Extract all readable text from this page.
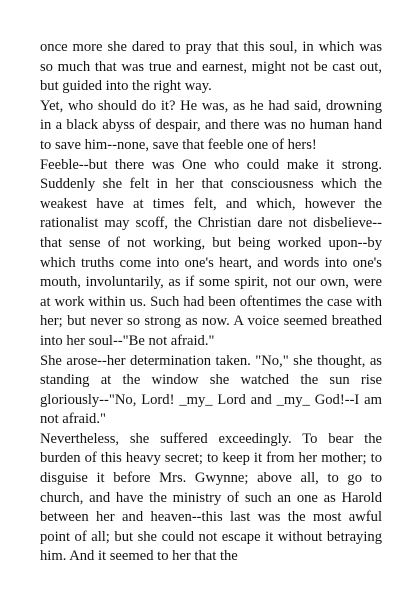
once more she dared to pray that this soul, in which was so much that was true and earnest, might not be cast out, but guided into the right way.

Yet, who should do it? He was, as he had said, drowning in a black abyss of despair, and there was no human hand to save him--none, save that feeble one of hers!

Feeble--but there was One who could make it strong. Suddenly she felt in her that consciousness which the weakest have at times felt, and which, however the rationalist may scoff, the Christian dare not disbelieve--that sense of not working, but being worked upon--by which truths come into one's heart, and words into one's mouth, involuntarily, as if some spirit, not our own, were at work within us. Such had been oftentimes the case with her; but never so strong as now. A voice seemed breathed into her soul--"Be not afraid."

She arose--her determination taken. "No," she thought, as standing at the window she watched the sun rise gloriously--"No, Lord! _my_ Lord and _my_ God!--I am not afraid."

Nevertheless, she suffered exceedingly. To bear the burden of this heavy secret; to keep it from her mother; to disguise it before Mrs. Gwynne; above all, to go to church, and have the ministry of such an one as Harold between her and heaven--this last was the most awful point of all; but she could not escape it without betraying him. And it seemed to her that the
